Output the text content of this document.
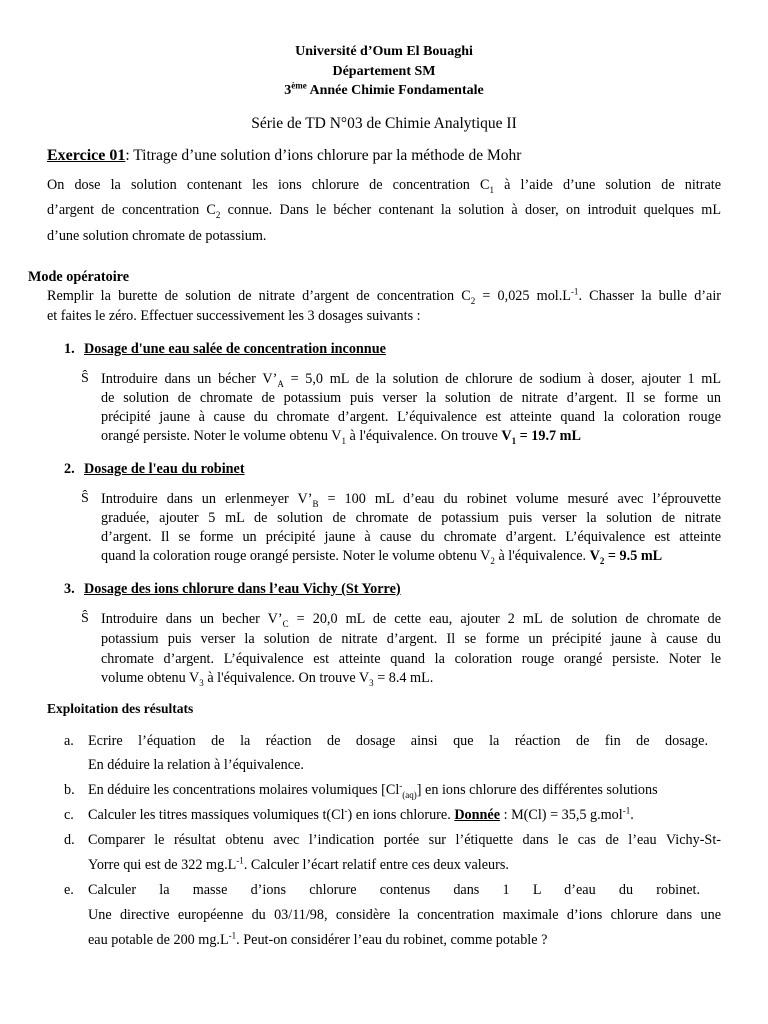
Université d’Oum El Bouaghi
Département SM
3ème Année Chimie Fondamentale
Série de TD N°03 de Chimie Analytique II
Exercice 01: Titrage d’une solution d’ions chlorure par la méthode de Mohr
On dose la solution contenant les ions chlorure de concentration $C_1$ à l’aide d’une solution de nitrate
d’argent de concentration $C_2$ connue. Dans le bécher contenant la solution à doser, on introduit quelques mL
d’une solution chromate de potassium.
Mode opératoire
Remplir la burette de solution de nitrate d’argent de concentration $C_2 = 0,025$ $mol.L^{-1}$. Chasser la bulle d’air
et faites le zéro. Effectuer successivement les 3 dosages suivants :
1. Dosage d'une eau salée de concentration inconnue
Ŝ Introduire dans un bécher $V’_A = 5,0$ mL de la solution de chlorure de sodium à doser, ajouter 1 mL
de solution de chromate de potassium puis verser la solution de nitrate d’argent. Il se forme un
précipité jaune à cause du chromate d’argent. L’équivalence est atteinte quand la coloration rouge
orangé persiste. Noter le volume obtenu $V_1$ à l'équivalence. On trouve $V_1 = 19.7$ mL
2. Dosage de l'eau du robinet
Ŝ Introduire dans un erlenmeyer $V’_B = 100$ mL d’eau du robinet volume mesuré avec l’éprouvette
graduée, ajouter 5 mL de solution de chromate de potassium puis verser la solution de nitrate
d’argent. Il se forme un précipité jaune à cause du chromate d’argent. L’équivalence est atteinte
quand la coloration rouge orangé persiste. Noter le volume obtenu $V_2$ à l'équivalence. $V_2 = 9.5$ mL
3. Dosage des ions chlorure dans l’eau Vichy (St Yorre)
Ŝ Introduire dans un becher $V’_C = 20,0$ mL de cette eau, ajouter 2 mL de solution de chromate de
potassium puis verser la solution de nitrate d’argent. Il se forme un précipité jaune à cause du
chromate d’argent. L’équivalence est atteinte quand la coloration rouge orangé persiste. Noter le
volume obtenu $V_3$ à l'équivalence. On trouve $V_3 = 8.4$ mL.
Exploitation des résultats
a. Ecrire l’équation de la réaction de dosage ainsi que la réaction de fin de dosage.
En déduire la relation à l’équivalence.
b. En déduire les concentrations molaires volumiques $[Cl^-_{(aq)}]$ en ions chlorure des différentes solutions
c. Calculer les titres massiques volumiques t(Cl-) en ions chlorure. Donnée : M(Cl) = 35,5 g.mol$^{-1}$.
d. Comparer le résultat obtenu avec l’indication portée sur l’étiquette dans le cas de l’eau Vichy-St-
Yorre qui est de 322 $mg.L^{-1}$. Calculer l’écart relatif entre ces deux valeurs.
e. Calculer la masse d’ions chlorure contenus dans 1 L d’eau du robinet.
Une directive européenne du 03/11/98, considère la concentration maximale d’ions chlorure dans une
eau potable de 200 $mg.L^{-1}$. Peut-on considérer l’eau du robinet, comme potable ?
